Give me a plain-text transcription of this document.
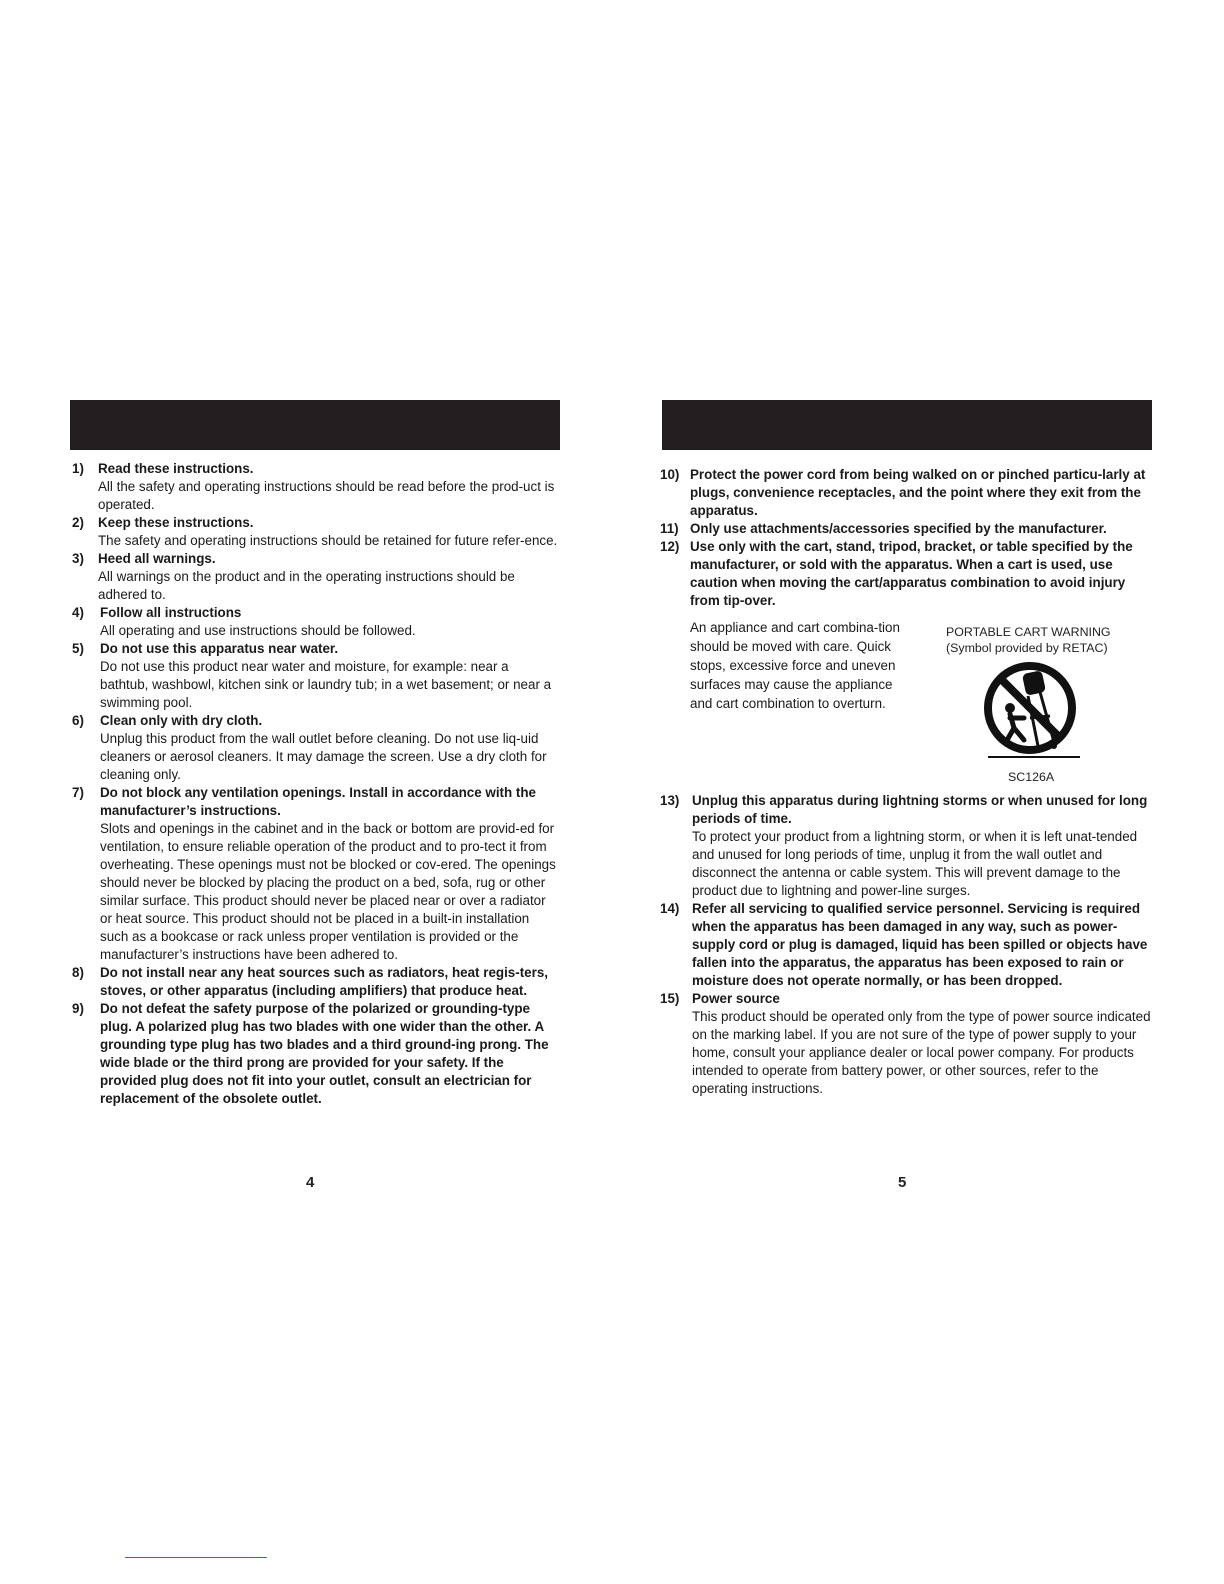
1) Read these instructions.
All the safety and operating instructions should be read before the prod-uct is operated.
2) Keep these instructions.
The safety and operating instructions should be retained for future refer-ence.
3) Heed all warnings.
All warnings on the product and in the operating instructions should be adhered to.
4) Follow all instructions
All operating and use instructions should be followed.
5) Do not use this apparatus near water.
Do not use this product near water and moisture, for example: near a bathtub, washbowl, kitchen sink or laundry tub; in a wet basement; or near a swimming pool.
6) Clean only with dry cloth.
Unplug this product from the wall outlet before cleaning. Do not use liq-uid cleaners or aerosol cleaners. It may damage the screen. Use a dry cloth for cleaning only.
7) Do not block any ventilation openings. Install in accordance with the manufacturer’s instructions.
Slots and openings in the cabinet and in the back or bottom are provid-ed for ventilation, to ensure reliable operation of the product and to pro-tect it from overheating. These openings must not be blocked or cov-ered. The openings should never be blocked by placing the product on a bed, sofa, rug or other similar surface. This product should never be placed near or over a radiator or heat source. This product should not be placed in a built-in installation such as a bookcase or rack unless proper ventilation is provided or the manufacturer’s instructions have been adhered to.
8) Do not install near any heat sources such as radiators, heat regis-ters, stoves, or other apparatus (including amplifiers) that produce heat.
9) Do not defeat the safety purpose of the polarized or grounding-type plug. A polarized plug has two blades with one wider than the other. A grounding type plug has two blades and a third ground-ing prong. The wide blade or the third prong are provided for your safety. If the provided plug does not fit into your outlet, consult an electrician for replacement of the obsolete outlet.
10) Protect the power cord from being walked on or pinched particu-larly at plugs, convenience receptacles, and the point where they exit from the apparatus.
11) Only use attachments/accessories specified by the manufacturer.
12) Use only with the cart, stand, tripod, bracket, or table specified by the manufacturer, or sold with the apparatus. When a cart is used, use caution when moving the cart/apparatus combination to avoid injury from tip-over.
An appliance and cart combina-tion should be moved with care. Quick stops, excessive force and uneven surfaces may cause the appliance and cart combination to overturn.
PORTABLE CART WARNING
(Symbol provided by RETAC)
SC126A
13) Unplug this apparatus during lightning storms or when unused for long periods of time.
To protect your product from a lightning storm, or when it is left unat-tended and unused for long periods of time, unplug it from the wall outlet and disconnect the antenna or cable system. This will prevent damage to the product due to lightning and power-line surges.
14) Refer all servicing to qualified service personnel. Servicing is required when the apparatus has been damaged in any way, such as power-supply cord or plug is damaged, liquid has been spilled or objects have fallen into the apparatus, the apparatus has been exposed to rain or moisture does not operate normally, or has been dropped.
15) Power source
This product should be operated only from the type of power source indicated on the marking label. If you are not sure of the type of power supply to your home, consult your appliance dealer or local power company. For products intended to operate from battery power, or other sources, refer to the operating instructions.
4	5
